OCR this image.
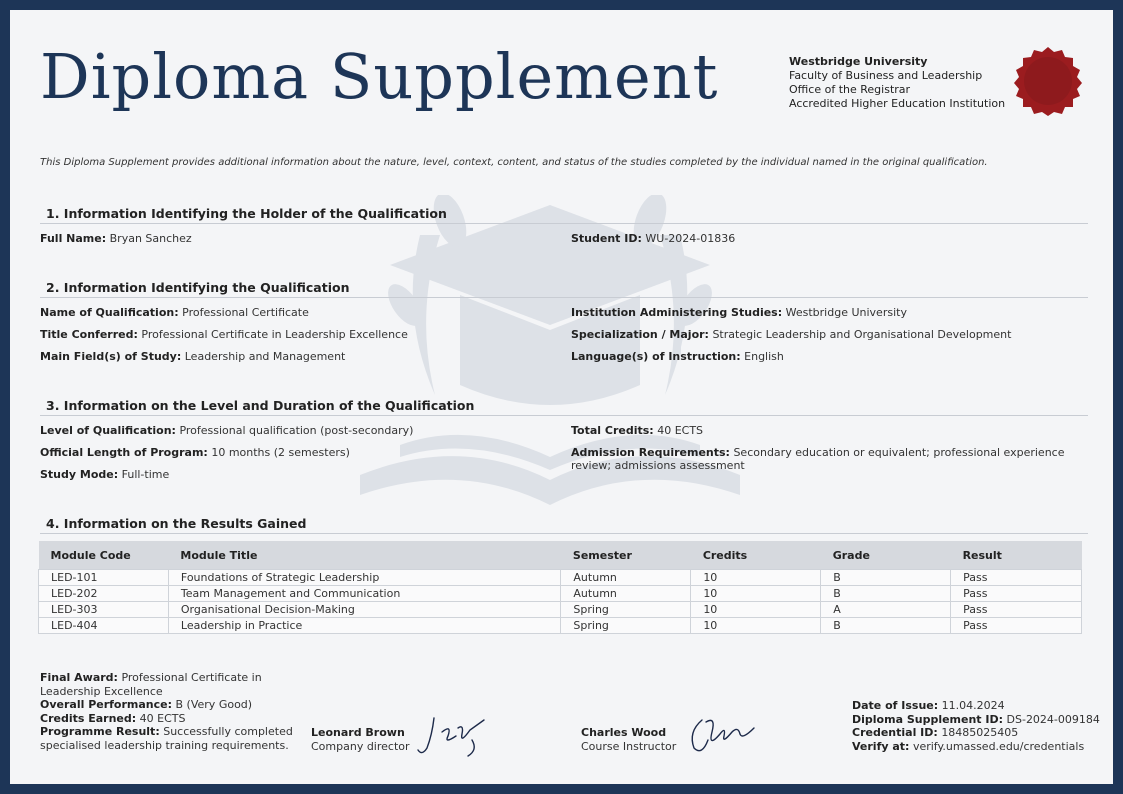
Diploma Supplement	Westbridge University
Faculty of Business and Leadership
Office of the Registrar
Accredited Higher Education Institution
This Diploma Supplement provides additional information about the nature, level, context, content, and status of the studies completed by the individual named in the original qualification.
1. Information Identifying the Holder of the Qualification
Full Name: Bryan Sanchez	Student ID: WU-2024-01836
2. Information Identifying the Qualification
Name of Qualification: Professional Certificate
Title Conferred: Professional Certificate in Leadership Excellence
Main Field(s) of Study: Leadership and Management
Institution Administering Studies: Westbridge University
Specialization / Major: Strategic Leadership and Organisational Development
Language(s) of Instruction: English
3. Information on the Level and Duration of the Qualification
Level of Qualification: Professional qualification (post-secondary)
Official Length of Program: 10 months (2 semesters)
Study Mode: Full-time
Total Credits: 40 ECTS
Admission Requirements: Secondary education or equivalent; professional experience review; admissions assessment
4. Information on the Results Gained
Module Code	Module Title	Semester	Credits	Grade	Result
LED-101	Foundations of Strategic Leadership	Autumn	10	B	Pass
LED-202	Team Management and Communication	Autumn	10	B	Pass
LED-303	Organisational Decision-Making	Spring	10	A	Pass
LED-404	Leadership in Practice	Spring	10	B	Pass
Final Award: Professional Certificate in
Leadership Excellence
Overall Performance: B (Very Good)
Credits Earned: 40 ECTS
Programme Result: Successfully completed
specialised leadership training requirements.
Leonard Brown
Company director
Charles Wood
Course Instructor
Date of Issue: 11.04.2024
Diploma Supplement ID: DS-2024-009184
Credential ID: 18485025405
Verify at: verify.umassed.edu/credentials
